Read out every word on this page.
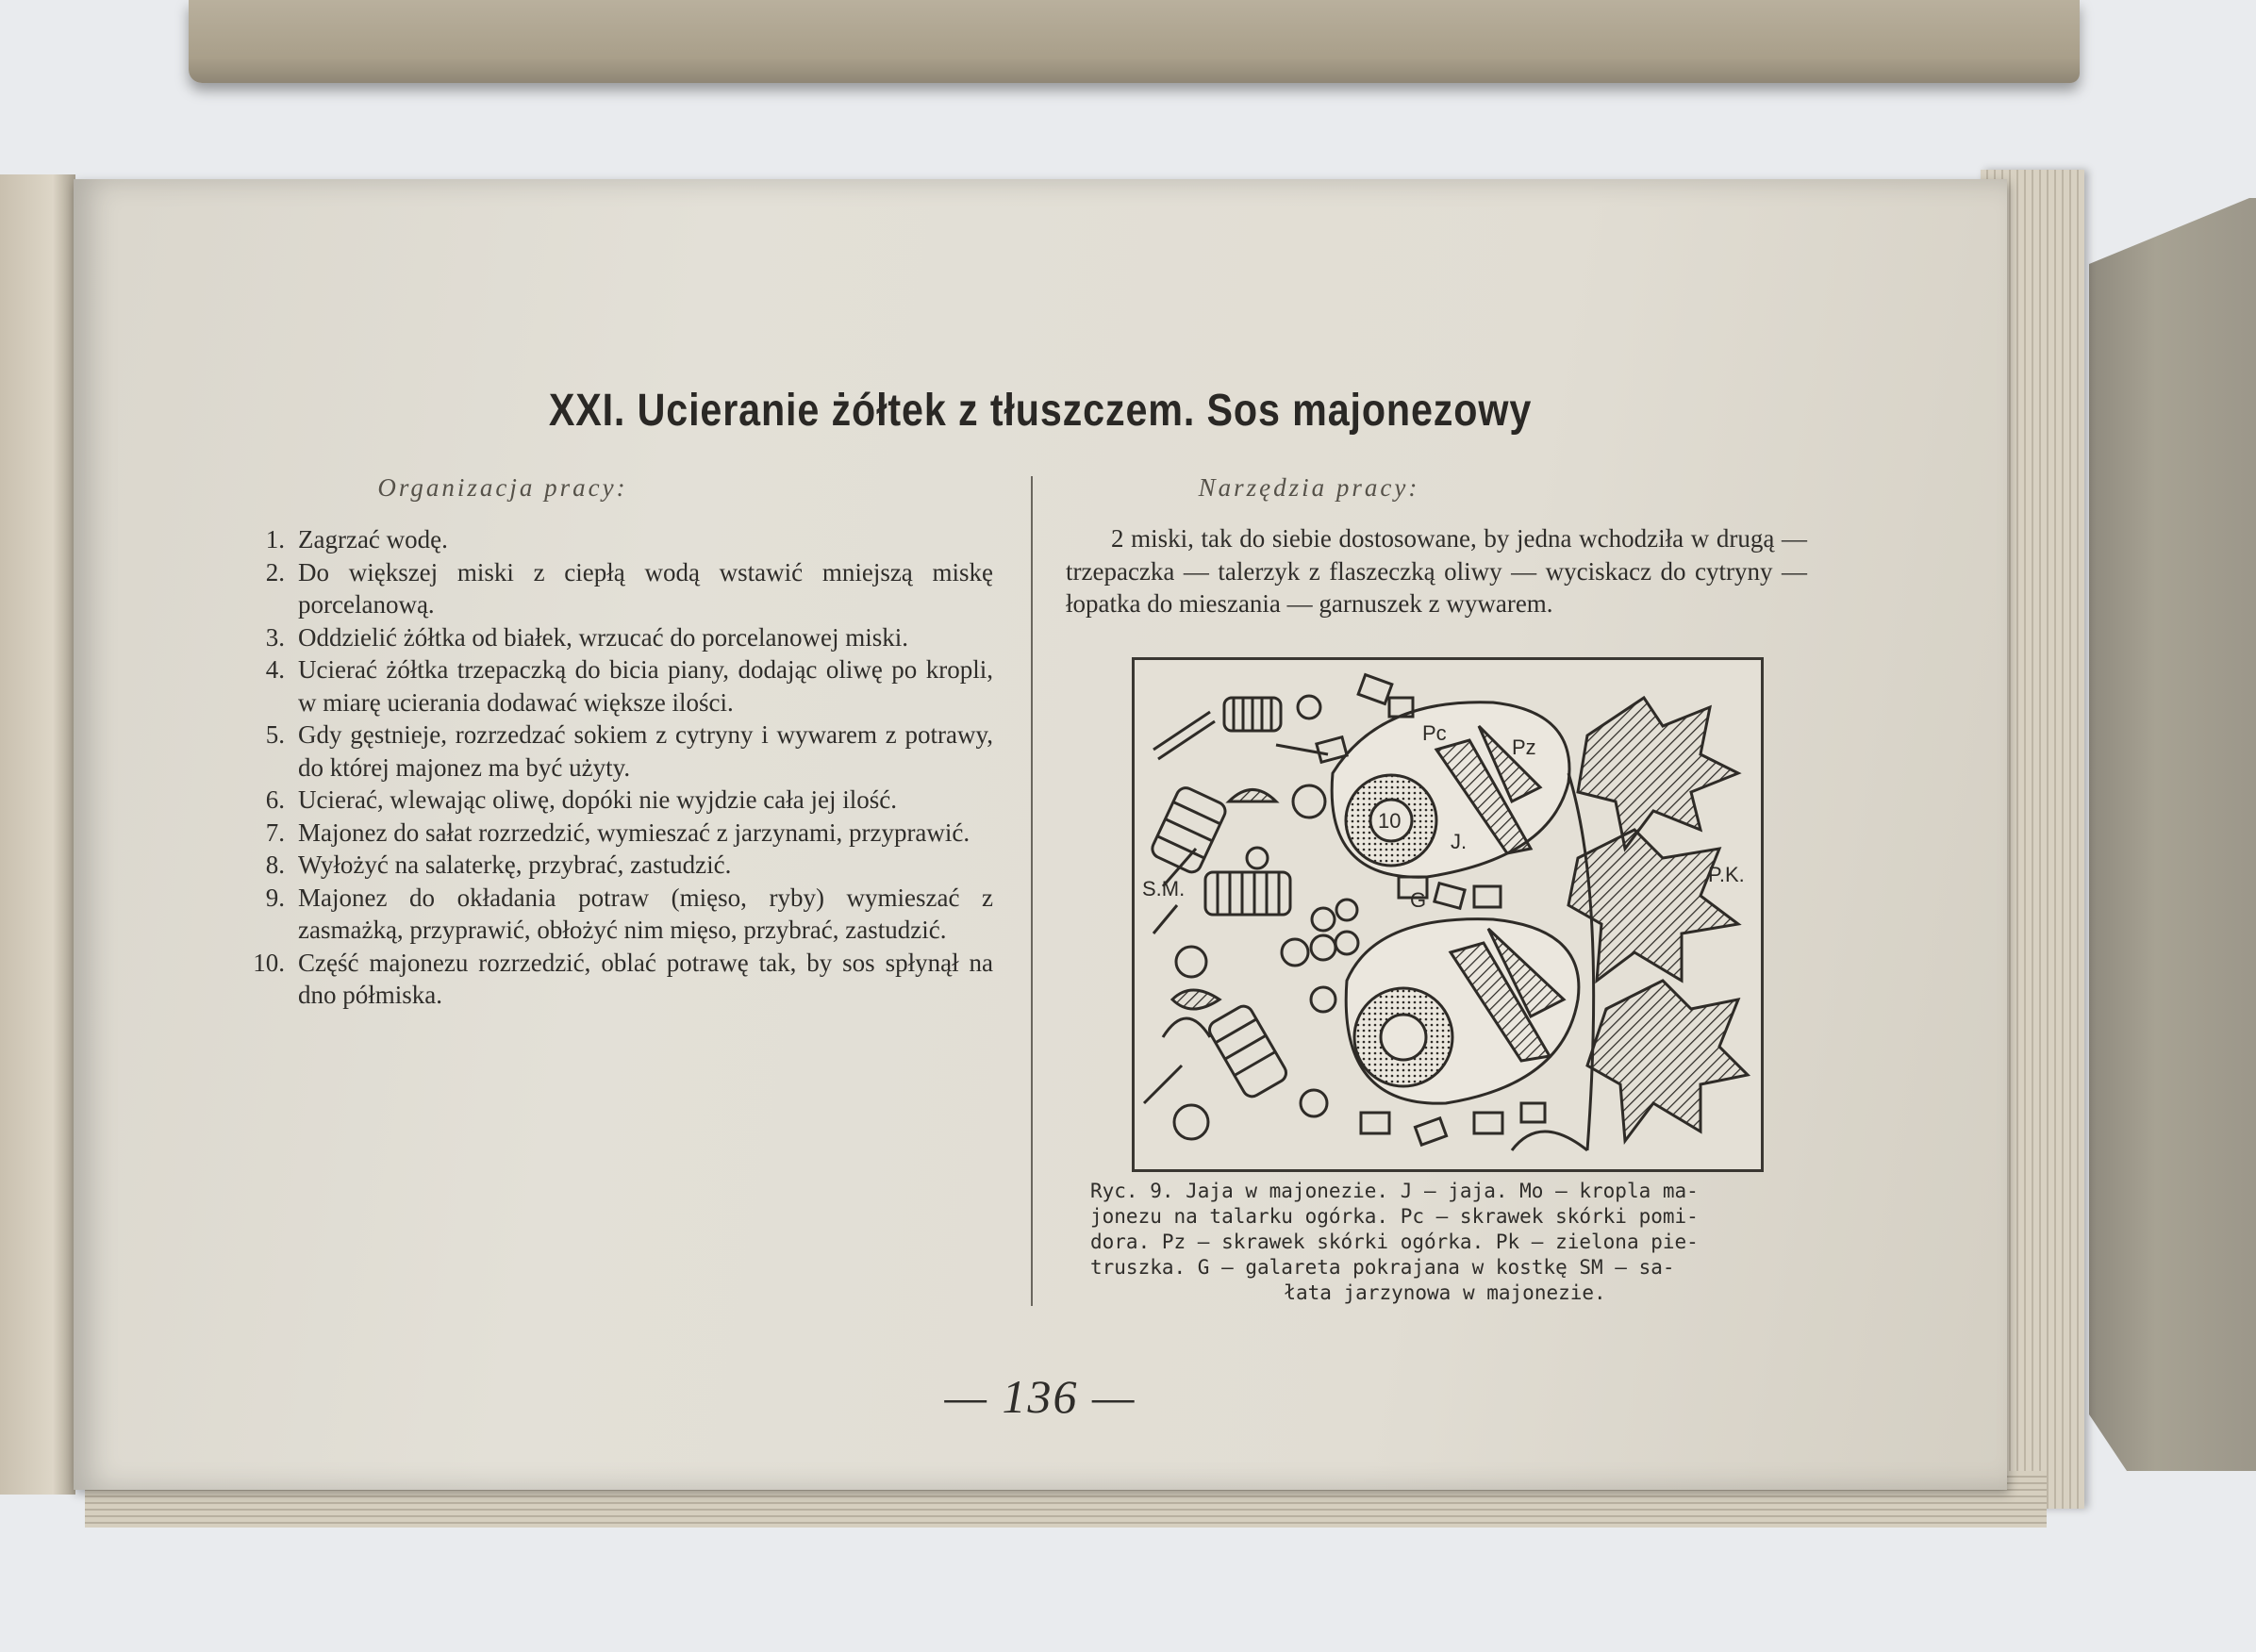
XXI. Ucieranie żółtek z tłuszczem. Sos majonezowy
Organizacja pracy:	Narzędzia pracy:
1. Zagrzać wodę.
2. Do większej miski z ciepłą wodą wstawić mniejszą miskę porcelanową.
3. Oddzielić żółtka od białek, wrzucać do porcelanowej miski.
4. Ucierać żółtka trzepaczką do bicia piany, dodając oliwę po kropli, w miarę ucierania dodawać większe ilości.
5. Gdy gęstnieje, rozrzedzać sokiem z cytryny i wywarem z potrawy, do której majonez ma być użyty.
6. Ucierać, wlewając oliwę, dopóki nie wyjdzie cała jej ilość.
7. Majonez do sałat rozrzedzić, wymieszać z jarzynami, przyprawić.
8. Wyłożyć na salaterkę, przybrać, zastudzić.
9. Majonez do okładania potraw (mięso, ryby) wymieszać z zasmażką, przyprawić, obłożyć nim mięso, przybrać, zastudzić.
10. Część majonezu rozrzedzić, oblać potrawę tak, by sos spłynął na dno półmiska.
2 miski, tak do siebie dostosowane, by jedna wchodziła w drugą — trzepaczka — talerzyk z flaszeczką oliwy — wyciskacz do cytryny — łopatka do mieszania — garnuszek z wywarem.
Pc
Pz
10
J.
G
S.M.
P.K.
Ryc. 9. Jaja w majonezie. J — jaja. Mo — kropla ma-
jonezu na talarku ogórka. Pc — skrawek skórki pomi-
dora. Pz — skrawek skórki ogórka. Pk — zielona pie-
truszka. G — galareta pokrajana w kostkę SM — sa-
łata jarzynowa w majonezie.
— 136 —
